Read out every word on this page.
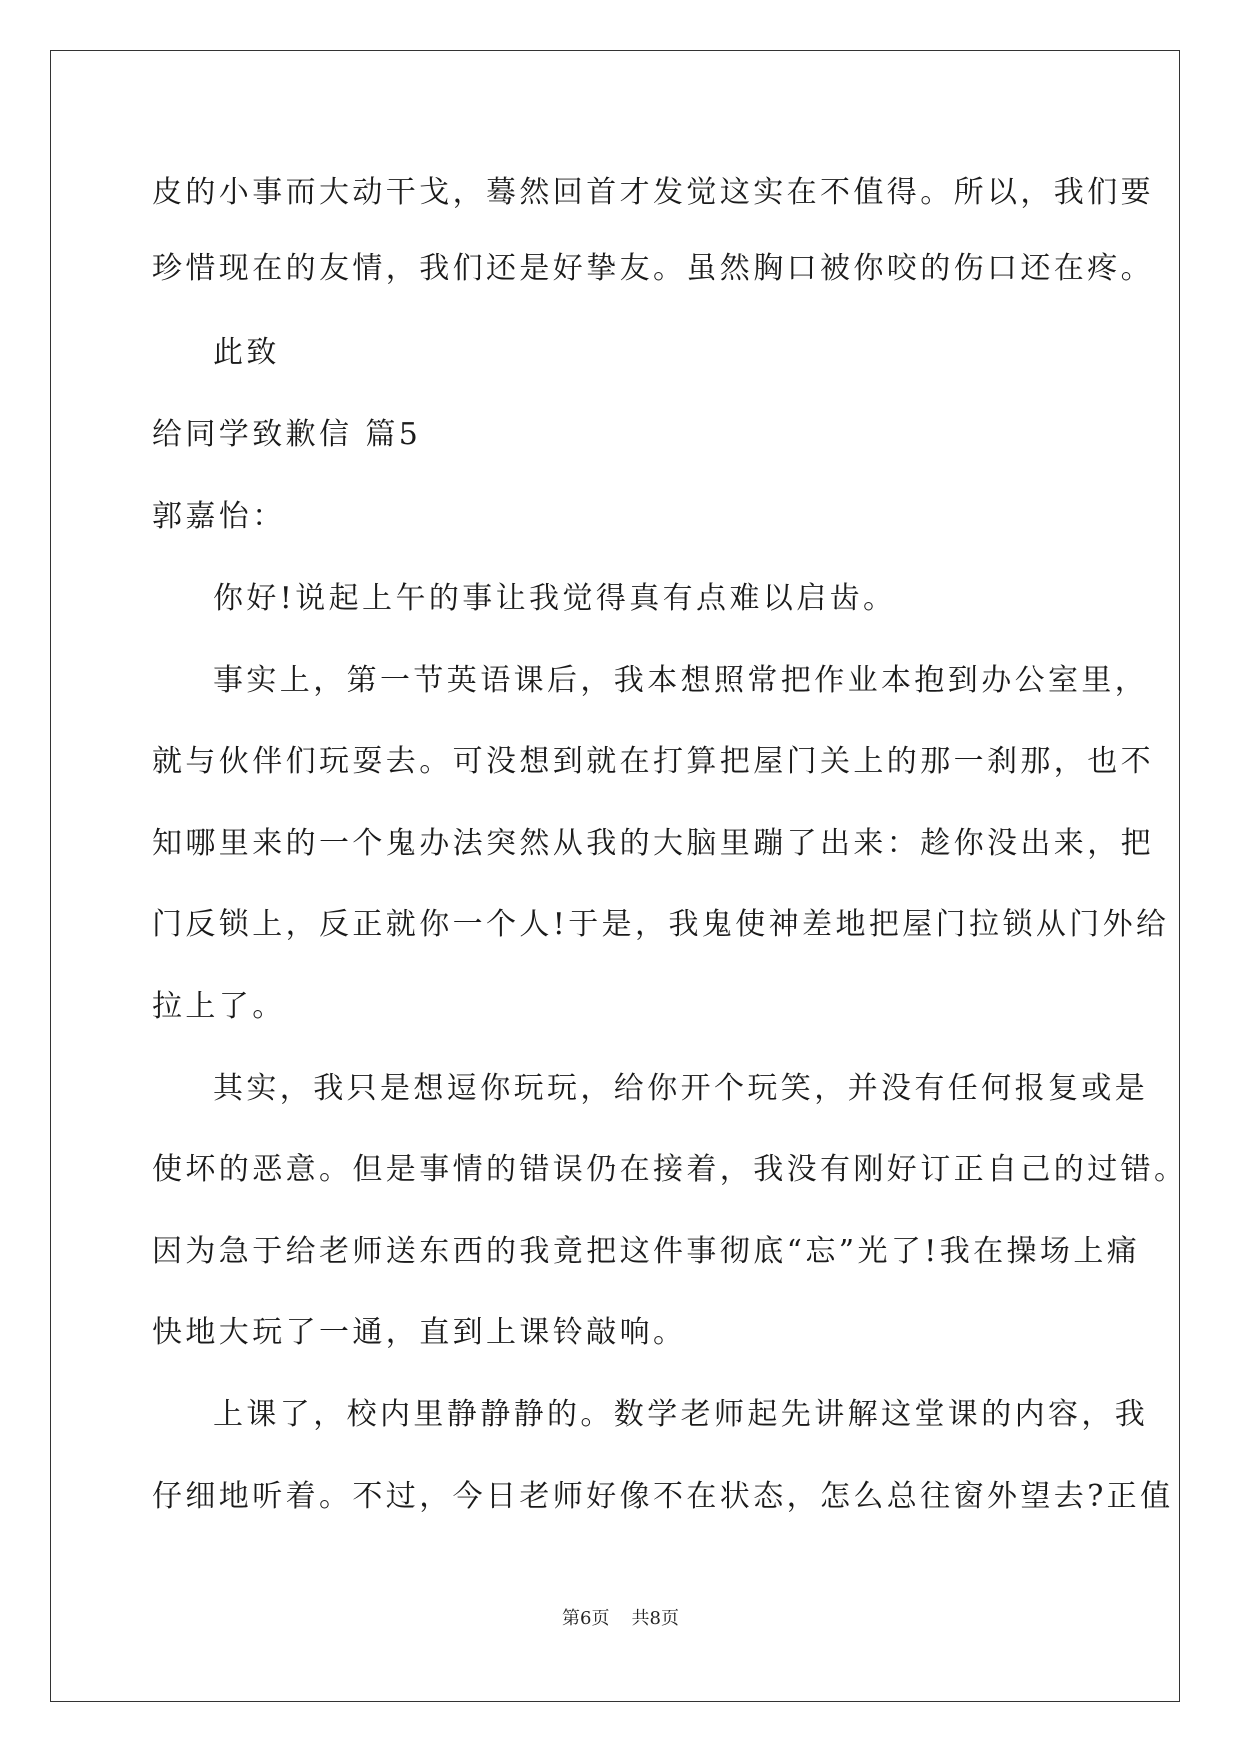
皮的小事而大动干戈，蓦然回首才发觉这实在不值得。所以，我们要
珍惜现在的友情，我们还是好挚友。虽然胸口被你咬的伤口还在疼。
此致
给同学致歉信 篇5
郭嘉怡：
你好!说起上午的事让我觉得真有点难以启齿。
事实上，第一节英语课后，我本想照常把作业本抱到办公室里，
就与伙伴们玩耍去。可没想到就在打算把屋门关上的那一刹那，也不
知哪里来的一个鬼办法突然从我的大脑里蹦了出来：趁你没出来，把
门反锁上，反正就你一个人!于是，我鬼使神差地把屋门拉锁从门外给
拉上了。
其实，我只是想逗你玩玩，给你开个玩笑，并没有任何报复或是
使坏的恶意。但是事情的错误仍在接着，我没有刚好订正自己的过错。
因为急于给老师送东西的我竟把这件事彻底“忘”光了!我在操场上痛
快地大玩了一通，直到上课铃敲响。
上课了，校内里静静静的。数学老师起先讲解这堂课的内容，我
仔细地听着。不过，今日老师好像不在状态，怎么总往窗外望去?正值
第6页 共8页
